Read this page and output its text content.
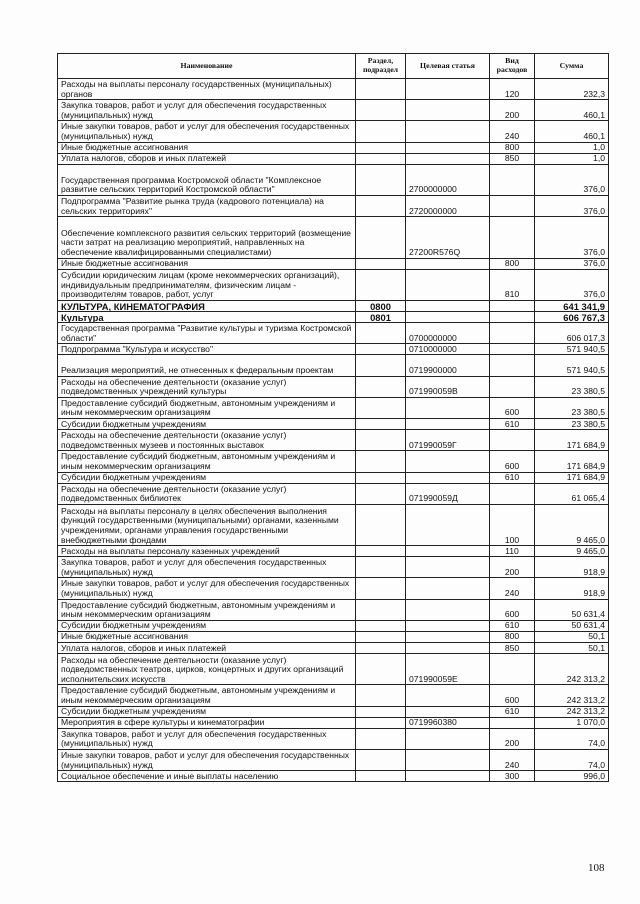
Наименование	Раздел, подраздел	Целевая статья	Вид расходов	Сумма
Расходы на выплаты персоналу государственных (муниципальных) органов			120	232,3
Закупка товаров, работ и услуг для обеспечения государственных (муниципальных) нужд			200	460,1
Иные закупки товаров, работ и услуг для обеспечения государственных (муниципальных) нужд			240	460,1
Иные бюджетные ассигнования			800	1,0
Уплата налогов, сборов и иных платежей			850	1,0
Государственная программа Костромской области "Комплексное развитие сельских территорий Костромской области"		2700000000		376,0
Подпрограмма "Развитие рынка труда (кадрового потенциала) на сельских территориях"		2720000000		376,0
Обеспечение комплексного развития сельских территорий (возмещение части затрат на реализацию мероприятий, направленных на обеспечение квалифицированными специалистами)		27200R576Q		376,0
Иные бюджетные ассигнования			800	376,0
Субсидии юридическим лицам (кроме некоммерческих организаций), индивидуальным предпринимателям, физическим лицам - производителям товаров, работ, услуг			810	376,0
КУЛЬТУРА, КИНЕМАТОГРАФИЯ	0800			641 341,9
Культура	0801			606 767,3
Государственная программа "Развитие культуры и туризма Костромской области"		0700000000		606 017,3
Подпрограмма "Культура и искусство"		0710000000		571 940,5
Реализация мероприятий, не отнесенных к федеральным проектам		0719900000		571 940,5
Расходы на обеспечение деятельности (оказание услуг) подведомственных учреждений культуры		071990059В		23 380,5
Предоставление субсидий бюджетным, автономным учреждениям и иным некоммерческим организациям			600	23 380,5
Субсидии бюджетным учреждениям			610	23 380,5
Расходы на обеспечение деятельности (оказание услуг) подведомственных музеев и постоянных выставок		071990059Г		171 684,9
Предоставление субсидий бюджетным, автономным учреждениям и иным некоммерческим организациям			600	171 684,9
Субсидии бюджетным учреждениям			610	171 684,9
Расходы на обеспечение деятельности (оказание услуг) подведомственных библиотек		071990059Д		61 065,4
Расходы на выплаты персоналу в целях обеспечения выполнения функций государственными (муниципальными) органами, казенными учреждениями, органами управления государственными внебюджетными фондами			100	9 465,0
Расходы на выплаты персоналу казенных учреждений			110	9 465,0
Закупка товаров, работ и услуг для обеспечения государственных (муниципальных) нужд			200	918,9
Иные закупки товаров, работ и услуг для обеспечения государственных (муниципальных) нужд			240	918,9
Предоставление субсидий бюджетным, автономным учреждениям и иным некоммерческим организациям			600	50 631,4
Субсидии бюджетным учреждениям			610	50 631,4
Иные бюджетные ассигнования			800	50,1
Уплата налогов, сборов и иных платежей			850	50,1
Расходы на обеспечение деятельности (оказание услуг) подведомственных театров, цирков, концертных и других организаций исполнительских искусств		071990059Е		242 313,2
Предоставление субсидий бюджетным, автономным учреждениям и иным некоммерческим организациям			600	242 313,2
Субсидии бюджетным учреждениям			610	242 313,2
Мероприятия в сфере культуры и кинематографии		0719960380		1 070,0
Закупка товаров, работ и услуг для обеспечения государственных (муниципальных) нужд			200	74,0
Иные закупки товаров, работ и услуг для обеспечения государственных (муниципальных) нужд			240	74,0
Социальное обеспечение и иные выплаты населению			300	996,0
108
